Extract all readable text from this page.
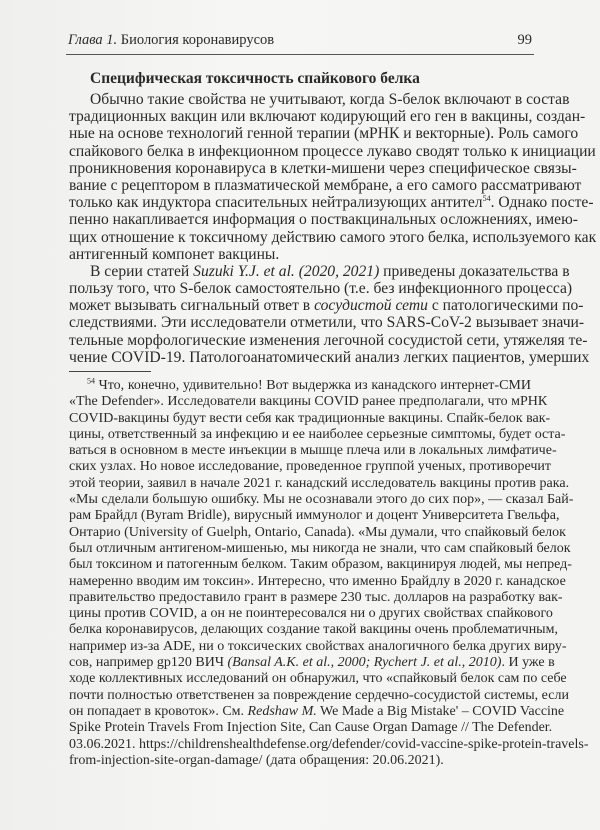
Глава 1. Биология коронавирусов	99
Специфическая токсичность спайкового белка
Обычно такие свойства не учитывают, когда S-белок включают в состав
традиционных вакцин или включают кодирующий его ген в вакцины, создан-
ные на основе технологий генной терапии (мРНК и векторные). Роль самого
спайкового белка в инфекционном процессе лукаво сводят только к инициации
проникновения коронавируса в клетки-мишени через специфическое связы-
вание с рецептором в плазматической мембране, а его самого рассматривают
только как индуктора спасительных нейтрализующих антител$^{54}$. Однако посте-
пенно накапливается информация о поствакцинальных осложнениях, имею-
щих отношение к токсичному действию самого этого белка, используемого как
антигенный компонет вакцины.
В серии статей Suzuki Y.J. et al. (2020, 2021) приведены доказательства в
пользу того, что S-белок самостоятельно (т.е. без инфекционного процесса)
может вызывать сигнальный ответ в сосудистой сети с патологическими по-
следствиями. Эти исследователи отметили, что SARS-CoV-2 вызывает значи-
тельные морфологические изменения легочной сосудистой сети, утяжеляя те-
чение COVID-19. Патологоанатомический анализ легких пациентов, умерших
$^{54}$ Что, конечно, удивительно! Вот выдержка из канадского интернет-СМИ
«The Defender». Исследователи вакцины COVID ранее предполагали, что мРНК
COVID-вакцины будут вести себя как традиционные вакцины. Спайк-белок вак-
цины, ответственный за инфекцию и ее наиболее серьезные симптомы, будет оста-
ваться в основном в месте инъекции в мышце плеча или в локальных лимфатиче-
ских узлах. Но новое исследование, проведенное группой ученых, противоречит
этой теории, заявил в начале 2021 г. канадский исследователь вакцины против рака.
«Мы сделали большую ошибку. Мы не осознавали этого до сих пор», — сказал Бай-
рам Брайдл (Byram Bridle), вирусный иммунолог и доцент Университета Гвельфа,
Онтарио (University of Guelph, Ontario, Canada). «Мы думали, что спайковый белок
был отличным антигеном-мишенью, мы никогда не знали, что сам спайковый белок
был токсином и патогенным белком. Таким образом, вакцинируя людей, мы непред-
намеренно вводим им токсин». Интересно, что именно Брайдлу в 2020 г. канадское
правительство предоставило грант в размере 230 тыс. долларов на разработку вак-
цины против COVID, а он не поинтересовался ни о других свойствах спайкового
белка коронавирусов, делающих создание такой вакцины очень проблематичным,
например из-за ADE, ни о токсических свойствах аналогичного белка других виру-
сов, например gp120 ВИЧ (Bansal A.K. et al., 2000; Rychert J. et al., 2010). И уже в
ходе коллективных исследований он обнаружил, что «спайковый белок сам по себе
почти полностью ответственен за повреждение сердечно-сосудистой системы, если
он попадает в кровоток». См. Redshaw M. We Made a Big Mistake' – COVID Vaccine
Spike Protein Travels From Injection Site, Can Cause Organ Damage // The Defender.
03.06.2021. https://childrenshealthdefense.org/defender/covid-vaccine-spike-protein-travels-
from-injection-site-organ-damage/ (дата обращения: 20.06.2021).
